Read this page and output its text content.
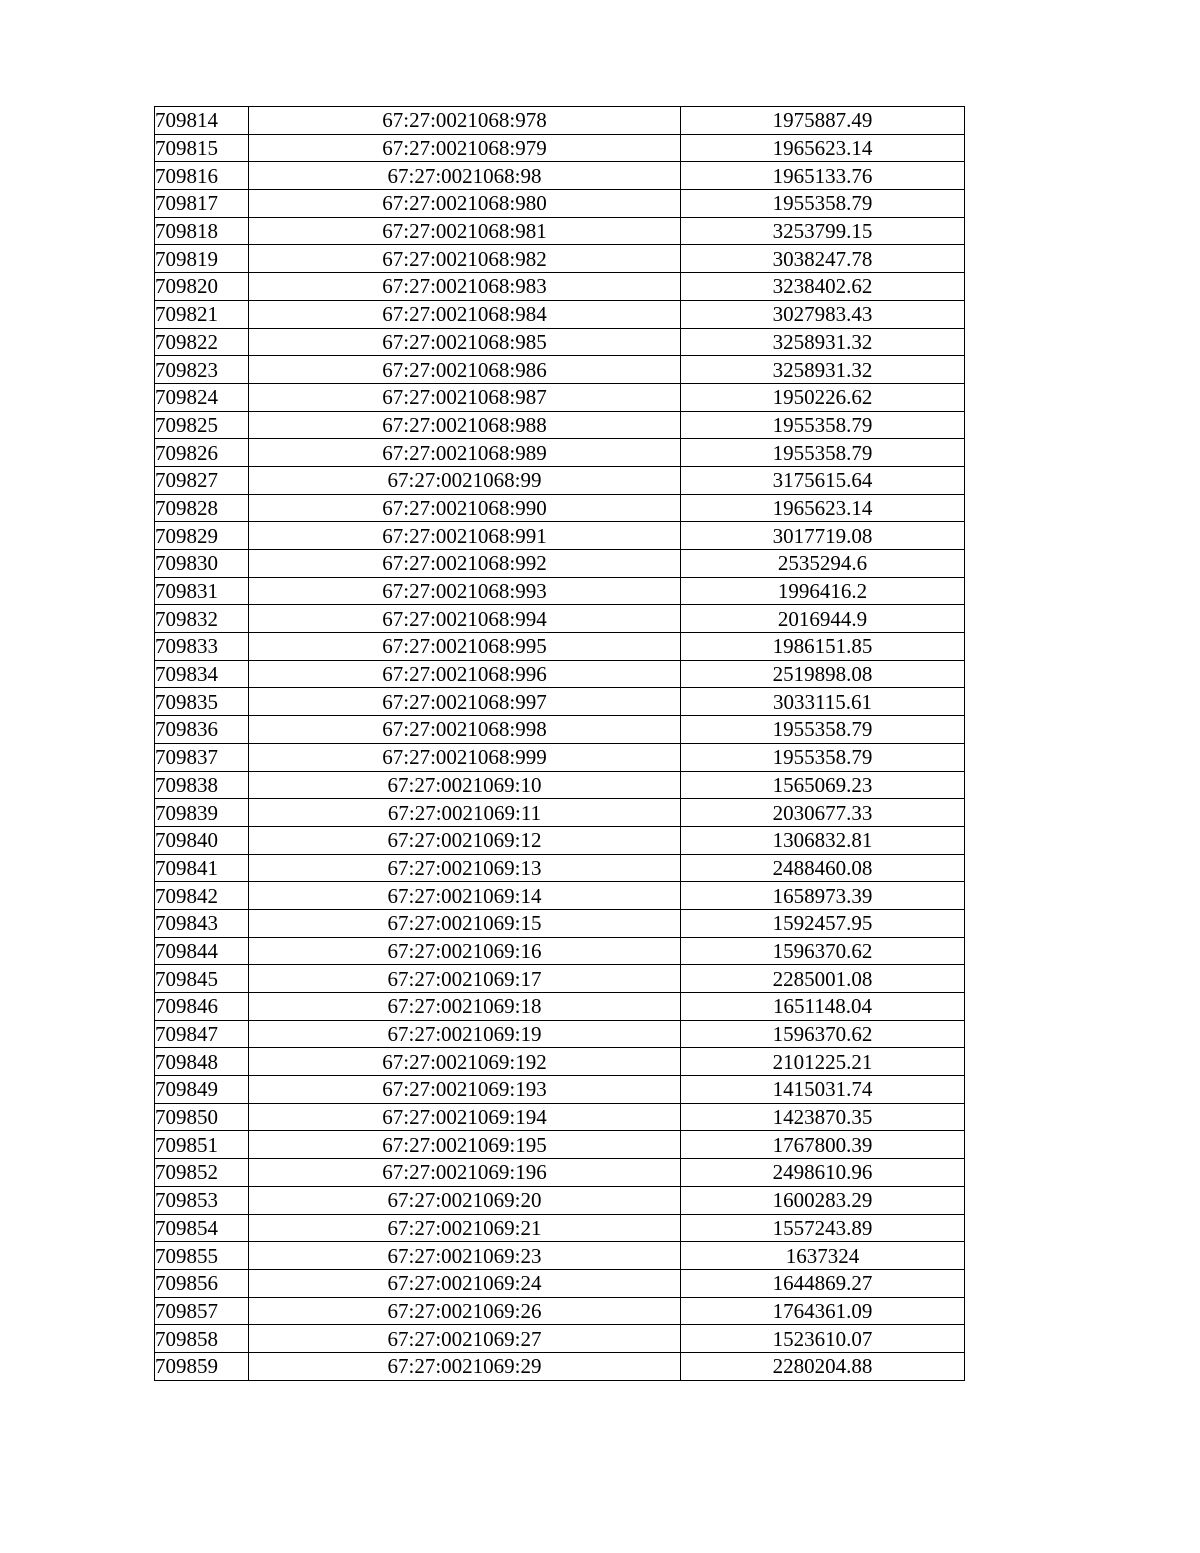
709814	67:27:0021068:978	1975887.49
709815	67:27:0021068:979	1965623.14
709816	67:27:0021068:98	1965133.76
709817	67:27:0021068:980	1955358.79
709818	67:27:0021068:981	3253799.15
709819	67:27:0021068:982	3038247.78
709820	67:27:0021068:983	3238402.62
709821	67:27:0021068:984	3027983.43
709822	67:27:0021068:985	3258931.32
709823	67:27:0021068:986	3258931.32
709824	67:27:0021068:987	1950226.62
709825	67:27:0021068:988	1955358.79
709826	67:27:0021068:989	1955358.79
709827	67:27:0021068:99	3175615.64
709828	67:27:0021068:990	1965623.14
709829	67:27:0021068:991	3017719.08
709830	67:27:0021068:992	2535294.6
709831	67:27:0021068:993	1996416.2
709832	67:27:0021068:994	2016944.9
709833	67:27:0021068:995	1986151.85
709834	67:27:0021068:996	2519898.08
709835	67:27:0021068:997	3033115.61
709836	67:27:0021068:998	1955358.79
709837	67:27:0021068:999	1955358.79
709838	67:27:0021069:10	1565069.23
709839	67:27:0021069:11	2030677.33
709840	67:27:0021069:12	1306832.81
709841	67:27:0021069:13	2488460.08
709842	67:27:0021069:14	1658973.39
709843	67:27:0021069:15	1592457.95
709844	67:27:0021069:16	1596370.62
709845	67:27:0021069:17	2285001.08
709846	67:27:0021069:18	1651148.04
709847	67:27:0021069:19	1596370.62
709848	67:27:0021069:192	2101225.21
709849	67:27:0021069:193	1415031.74
709850	67:27:0021069:194	1423870.35
709851	67:27:0021069:195	1767800.39
709852	67:27:0021069:196	2498610.96
709853	67:27:0021069:20	1600283.29
709854	67:27:0021069:21	1557243.89
709855	67:27:0021069:23	1637324
709856	67:27:0021069:24	1644869.27
709857	67:27:0021069:26	1764361.09
709858	67:27:0021069:27	1523610.07
709859	67:27:0021069:29	2280204.88
